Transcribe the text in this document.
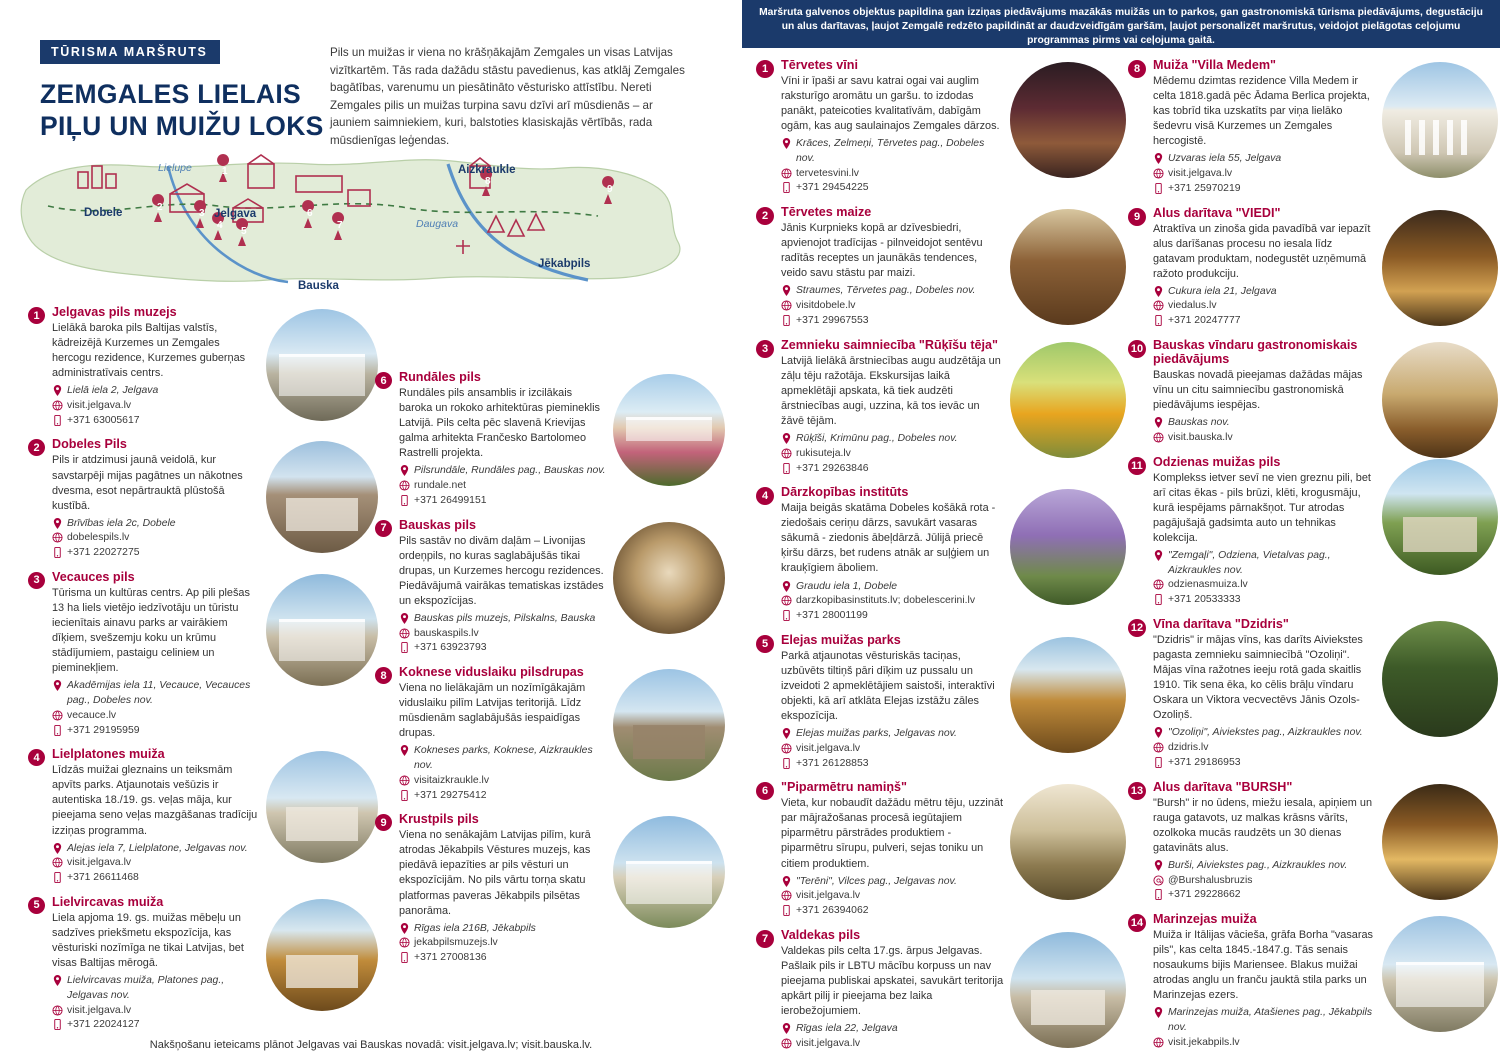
TŪRISMA MARŠRUTS
ZEMGALES LIELAIS PIĻU UN MUIŽU LOKS
Pils un muižas ir viena no krāšņākajām Zemgales un visas Latvijas vizītkartēm. Tās rada dažādu stāstu pavedienus, kas atklāj Zemgales bagātības, varenumu un piesātināto vēsturisko attīstību. Nereti Zemgales pilis un muižas turpina savu dzīvi arī mūsdienās – ar jauniem saimniekiem, kuri, balstoties klasiskajās vērtībās, rada mūsdienīgas leģendas.
Dobele	Jelgava
Aizkraukle
Jēkabpils
Bauska
Lielupe
Daugava
1
2
3
4
5
6
7
8
9
1 Jelgavas pils muzejs

Lielākā baroka pils Baltijas valstīs, kādreizējā Kurzemes un Zemgales hercogu rezidence, Kurzemes guberņas administratīvais centrs.

Lielā iela 2, Jelgava
visit.jelgava.lv
+371 63005617
2 Dobeles Pils

Pils ir atdzimusi jaunā veidolā, kur savstarpēji mijas pagātnes un nākotnes dvesma, esot nepārtrauktā plūstošā kustībā.

Brīvības iela 2c, Dobele
dobelespils.lv
+371 22027275
3 Vecauces pils

Tūrisma un kultūras centrs. Ap pili plešas 13 ha liels vietējo iedzīvotāju un tūristu iecienītais ainavu parks ar vairākiem dīķiem, svešzemju koku un krūmu stādījumiem, pastaigu celinieм un pieminekļiem.

Akadēmijas iela 11, Vecauce, Vecauces pag., Dobeles nov.
vecauce.lv
+371 29195959
4 Lielplatones muiža

Līdzās muižai gleznains un teiksmām apvīts parks. Atjaunotais vešūzis ir autentiska 18./19. gs. veļas māja, kur pieejama seno veļas mazgāšanas tradīciju izziņas programma.

Alejas iela 7, Lielplatone, Jelgavas nov.
visit.jelgava.lv
+371 26611468
5 Lielvircavas muiža

Liela apjoma 19. gs. muižas mēbeļu un sadzīves priekšmetu ekspozīcija, kas vēsturiski nozīmīga ne tikai Latvijas, bet visas Baltijas mērogā.

Lielvircavas muiža, Platones pag., Jelgavas nov.
visit.jelgava.lv
+371 22024127
6 Rundāles pils

Rundāles pils ansamblis ir izcilākais baroka un rokoko arhitektūras piemineklis Latvijā. Pils celta pēc slavenā Krievijas galma arhitekta Frančesko Bartolomeo Rastrelli projekta.

Pilsrundāle, Rundāles pag., Bauskas nov.
rundale.net
+371 26499151
7 Bauskas pils

Pils sastāv no divām daļām – Livonijas ordeņpils, no kuras saglabājušās tikai drupas, un Kurzemes hercogu rezidences. Piedāvājumā vairākas tematiskas izstādes un ekspozīcijas.

Bauskas pils muzejs, Pilskalns, Bauska
bauskaspils.lv
+371 63923793
8 Koknese viduslaiku pilsdrupas

Viena no lielākajām un nozīmīgākajām viduslaiku pilīm Latvijas teritorijā. Līdz mūsdienām saglabājušās iespaidīgas drupas.

Kokneses parks, Koknese, Aizkraukles nov.
visitaizkraukle.lv
+371 29275412
9 Krustpils pils

Viena no senākajām Latvijas pilīm, kurā atrodas Jēkabpils Vēstures muzejs, kas piedāvā iepazīties ar pils vēsturi un ekspozīcijām. No pils vārtu torņa skatu platformas paveras Jēkabpils pilsētas panorāma.

Rīgas iela 216B, Jēkabpils
jekabpilsmuzejs.lv
+371 27008136
Nakšņošanu ieteicams plānot Jelgavas vai Bauskas novadā: visit.jelgava.lv; visit.bauska.lv.
Maršruta galvenos objektus papildina gan izziņas piedāvājums mazākās muižās un to parkos, gan gastronomiskā tūrisma piedāvājums, degustāciju un alus darītavas, ļaujot Zemgalē redzēto papildināt ar daudzveidīgām garšām, ļaujot personalizēt maršrutus, veidojot pielāgotas ceļojumu programmas pirms vai ceļojuma gaitā.
1	Tērvetes vīni

Vīni ir īpaši ar savu katrai ogai vai auglim raksturīgo aromātu un garšu. to izdodas panākt, pateicoties kvalitatīvām, dabīgām ogām, kas aug saulainajos Zemgales dārzos.

Krāces, Zelmeņi, Tērvetes pag., Dobeles nov.
tervetesvini.lv
+371 29454225
2	Tērvetes maize

Jānis Kurpnieks kopā ar dzīvesbiedri, apvienojot tradīcijas - pilnveidojot sentēvu radītās receptes un jaunākās tendences, veido savu stāstu par maizi.

Straumes, Tērvetes pag., Dobeles nov.
visitdobele.lv
+371 29967553
3	Zemnieku saimniecība "Rūķīšu tēja"

Latvijā lielākā ārstniecības augu audzētāja un zāļu tēju ražotāja. Ekskursijas laikā apmeklētāji apskata, kā tiek audzēti ārstniecības augi, uzzina, kā tos ievāc un žāvē tējām.

Rūķīši, Krimūnu pag., Dobeles nov.
rukisuteja.lv
+371 29263846
4	Dārzkopības institūts

Maija beigās skatāma Dobeles košākā rota - ziedošais ceriņu dārzs, savukārt vasaras sākumā - ziedonis ābeļdārzā. Jūlijā priecē ķiršu dārzs, bet rudens atnāk ar suļģiem un krauķīgiem āboliem.

Graudu iela 1, Dobele
darzkopibasinstituts.lv; dobelescerini.lv
+371 28001199
5	Elejas muižas parks

Parkā atjaunotas vēsturiskās taciņas, uzbūvēts tiltiņš pāri dīķim uz pussalu un izveidoti 2 apmeklētājiem saistoši, interaktīvi objekti, kā arī atklāta Elejas izstāžu zāles ekspozīcija.

Elejas muižas parks, Jelgavas nov.
visit.jelgava.lv
+371 26128853
6	"Piparmētru namiņš"

Vieta, kur nobaudīt dažādu mētru tēju, uzzināt par mājražošanas procesā iegūtajiem piparmētru pārstrādes produktiem - piparmētru sīrupu, pulveri, sejas toniku un citiem produktiem.

"Terēni", Vilces pag., Jelgavas nov.
visit.jelgava.lv
+371 26394062
7	Valdekas pils

Valdekas pils celta 17.gs. ārpus Jelgavas. Pašlaik pils ir LBTU mācību korpuss un nav pieejama publiskai apskatei, savukārt teritorija apkārt pilij ir pieejama bez laika ierobežojumiem.

Rīgas iela 22, Jelgava
visit.jelgava.lv
8	Muiža "Villa Medem"

Mēdemu dzimtas rezidence Villa Medem ir celta 1818.gadā pēc Ādama Berlica projekta, kas tobrīd tika uzskatīts par viņa lielāko šedevru visā Kurzemes un Zemgales hercogistē.

Uzvaras iela 55, Jelgava
visit.jelgava.lv
+371 25970219
9	Alus darītava "VIEDI"

Atraktīva un zinoša gida pavadībā var iepazīt alus darīšanas procesu no iesala līdz gatavam produktam, nodegustēt uzņēmumā ražoto produkciju.

Cukura iela 21, Jelgava
viedalus.lv
+371 20247777
10 Bauskas vīndaru gastronomiskais piedāvājums

Bauskas novadā pieejamas dažādas mājas vīnu un citu saimniecību gastronomiskā piedāvājums iespējas.

Bauskas nov.
visit.bauska.lv
11 Odzienas muižas pils

Komplekss ietver sevī ne vien greznu pili, bet arī citas ēkas - pils brūzi, klēti, krogusmāju, kurā iespējams pārnakšņot. Tur atrodas pagājušajā gadsimta auto un tehnikas kolekcija.

"Zemgaļi", Odziena, Vietalvas pag., Aizkraukles nov.
odzienasmuiza.lv
+371 20533333
12 Vīna darītava "Dzidris"

"Dzidris" ir mājas vīns, kas darīts Aiviekstes pagasta zemnieku saimniecībā "Ozoliņi". Mājas vīna ražotnes ieeju rotā gada skaitlis 1910. Tik sena ēka, ko cēlis brāļu vīndaru Oskara un Viktora vecvectēvs Jānis Ozols-Ozoliņš.

"Ozoliņi", Aiviekstes pag., Aizkraukles nov.
dzidris.lv
+371 29186953
13 Alus darītava "BURSH"

"Bursh" ir no ūdens, miežu iesala, apiņiem un rauga gatavots, uz malkas krāsns vārīts, ozolkoka mucās raudzēts un 30 dienas gatavināts alus.

Burši, Aiviekstes pag., Aizkraukles nov.
@Burshalusbruzis
+371 29228662
14 Marinzejas muiža

Muiža ir Itālijas vācieša, grāfa Borha "vasaras pils", kas celta 1845.-1847.g. Tās senais nosaukums bijis Mariensee. Blakus muižai atrodas anglu un franču jauktā stila parks un Marinzejas ezers.

Marinzejas muiža, Atašienes pag., Jēkabpils nov.
visit.jekabpils.lv
